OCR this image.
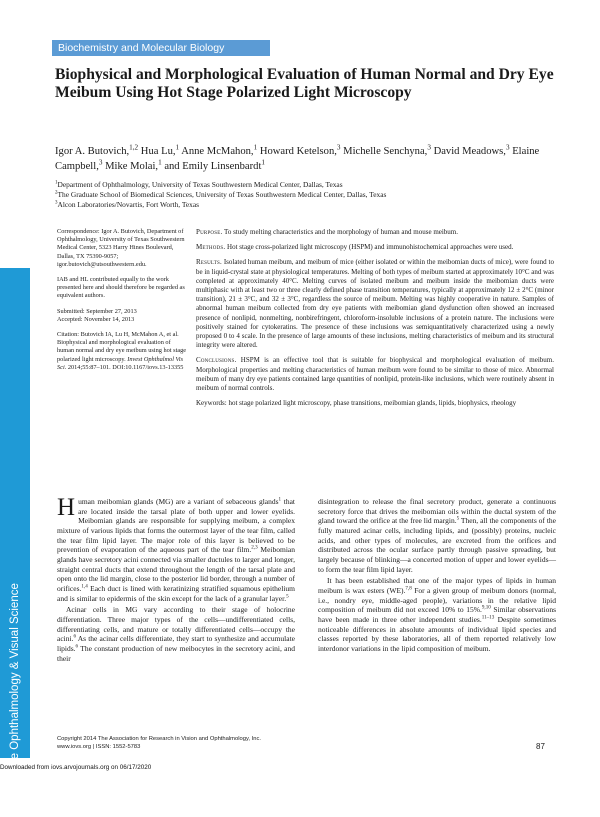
Biochemistry and Molecular Biology
Biophysical and Morphological Evaluation of Human Normal and Dry Eye Meibum Using Hot Stage Polarized Light Microscopy
Igor A. Butovich,$^{1,2}$ Hua Lu,$^1$ Anne McMahon,$^1$ Howard Ketelson,$^3$ Michelle Senchyna,$^3$ David Meadows,$^3$ Elaine Campbell,$^3$ Mike Molai,$^1$ and Emily Linsenbardt$^1$
$^1$Department of Ophthalmology, University of Texas Southwestern Medical Center, Dallas, Texas
$^2$The Graduate School of Biomedical Sciences, University of Texas Southwestern Medical Center, Dallas, Texas
$^3$Alcon Laboratories/Novartis, Fort Worth, Texas
Investigative Ophthalmology & Visual Science

Correspondence: Igor A. Butovich, Department of Ophthalmology, University of Texas Southwestern Medical Center, 5323 Harry Hines Boulevard, Dallas, TX 75390-9057; igor.butovich@utsouthwestern.edu.

IAB and HL contributed equally to the work presented here and should therefore be regarded as equivalent authors.

Submitted: September 27, 2013
Accepted: November 14, 2013

Citation: Butovich IA, Lu H, McMahon A, et al. Biophysical and morphological evaluation of human normal and dry eye meibum using hot stage polarized light microscopy. Invest Ophthalmol Vis Sci. 2014;55:87–101. DOI:10.1167/iovs.13-13355

Purpose. To study melting characteristics and the morphology of human and mouse meibum.

Methods. Hot stage cross-polarized light microscopy (HSPM) and immunohistochemical approaches were used.

Results. Isolated human meibum, and meibum of mice (either isolated or within the meibomian ducts of mice), were found to be in liquid-crystal state at physiological temperatures. Melting of both types of meibum started at approximately 10°C and was completed at approximately 40°C. Melting curves of isolated meibum and meibum inside the meibomian ducts were multiphasic with at least two or three clearly defined phase transition temperatures, typically at approximately 12 ± 2°C (minor transition), 21 ± 3°C, and 32 ± 3°C, regardless the source of meibum. Melting was highly cooperative in nature. Samples of abnormal human meibum collected from dry eye patients with meibomian gland dysfunction often showed an increased presence of nonlipid, nonmelting, nonbirefringent, chloroform-insoluble inclusions of a protein nature. The inclusions were positively stained for cytokeratins. The presence of these inclusions was semiquantitatively characterized using a newly proposed 0 to 4 scale. In the presence of large amounts of these inclusions, melting characteristics of meibum and its structural integrity were altered.

Conclusions. HSPM is an effective tool that is suitable for biophysical and morphological evaluation of meibum. Morphological properties and melting characteristics of human meibum were found to be similar to those of mice. Abnormal meibum of many dry eye patients contained large quantities of nonlipid, protein-like inclusions, which were routinely absent in meibum of normal controls.

Keywords: hot stage polarized light microscopy, phase transitions, meibomian glands, lipids, biophysics, rheology

Human meibomian glands (MG) are a variant of sebaceous glands$^1$ that are located inside the tarsal plate of both upper and lower eyelids. Meibomian glands are responsible for supplying meibum, a complex mixture of various lipids that forms the outermost layer of the tear film, called the tear film lipid layer. The major role of this layer is believed to be prevention of evaporation of the aqueous part of the tear film.$^{2,3}$ Meibomian glands have secretory acini connected via smaller ductules to larger and longer, straight central ducts that extend throughout the length of the tarsal plate and open onto the lid margin, close to the posterior lid border, through a number of orifices.$^{1,4}$ Each duct is lined with keratinizing stratified squamous epithelium and is similar to epidermis of the skin except for the lack of a granular layer.$^5$

Acinar cells in MG vary according to their stage of holocrine differentiation. Three major types of the cells—undifferentiated cells, differentiating cells, and mature or totally differentiated cells—occupy the acini.$^6$ As the acinar cells differentiate, they start to synthesize and accumulate lipids.$^6$ The constant production of new meibocytes in the secretory acini, and their

disintegration to release the final secretory product, generate a continuous secretory force that drives the meibomian oils within the ductal system of the gland toward the orifice at the free lid margin.$^5$ Then, all the components of the fully matured acinar cells, including lipids, and (possibly) proteins, nucleic acids, and other types of molecules, are excreted from the orifices and distributed across the ocular surface partly through passive spreading, but largely because of blinking—a concerted motion of upper and lower eyelids—to form the tear film lipid layer.

It has been established that one of the major types of lipids in human meibum is wax esters (WE).$^{7,8}$ For a given group of meibum donors (normal, i.e., nondry eye, middle-aged people), variations in the relative lipid composition of meibum did not exceed 10% to 15%.$^{9,10}$ Similar observations have been made in three other independent studies.$^{11-13}$ Despite sometimes noticeable differences in absolute amounts of individual lipid species and classes reported by these laboratories, all of them reported relatively low interdonor variations in the lipid composition of meibum.

Copyright 2014 The Association for Research in Vision and Ophthalmology, Inc.
www.iovs.org | ISSN: 1552-5783	87
Downloaded from iovs.arvojournals.org on 06/17/2020
